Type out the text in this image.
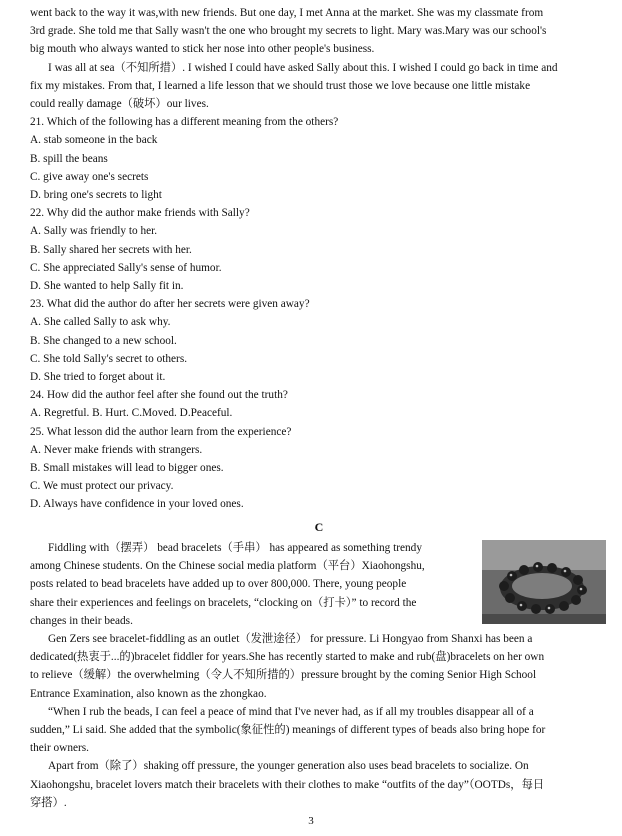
went back to the way it was,with new friends. But one day, I met Anna at the market. She was my classmate from
3rd grade. She told me that Sally wasn't the one who brought my secrets to light. Mary was.Mary was our school's
big mouth who always wanted to stick her nose into other people's business.
I was all at sea（不知所措）. I wished I could have asked Sally about this. I wished I could go back in time and
fix my mistakes. From that, I learned a life lesson that we should trust those we love because one little mistake
could really damage（破坏）our lives.
21. Which of the following has a different meaning from the others?
A. stab someone in the back
B. spill the beans
C. give away one's secrets
D. bring one's secrets to light
22. Why did the author make friends with Sally?
A. Sally was friendly to her.
B. Sally shared her secrets with her.
C. She appreciated Sally's sense of humor.
D. She wanted to help Sally fit in.
23. What did the author do after her secrets were given away?
A. She called Sally to ask why.
B. She changed to a new school.
C. She told Sally's secret to others.
D. She tried to forget about it.
24. How did the author feel after she found out the truth?
A. Regretful. B. Hurt. C.Moved. D.Peaceful.
25. What lesson did the author learn from the experience?
A. Never make friends with strangers.
B. Small mistakes will lead to bigger ones.
C. We must protect our privacy.
D. Always have confidence in your loved ones.
C
Fiddling with（摆弄） bead bracelets（手串） has appeared as something trendy
among Chinese students. On the Chinese social media platform（平台）Xiaohongshu,
posts related to bead bracelets have added up to over 800,000. There, young people
share their experiences and feelings on bracelets, “clocking on（打卡）” to record the
changes in their beads.
Gen Zers see bracelet-fiddling as an outlet（发泄途径） for pressure. Li Hongyao from Shanxi has been a
dedicated(热衷于...的)bracelet fiddler for years.She has recently started to make and rub(盘)bracelets on her own
to relieve（缓解）the overwhelming（令人不知所措的）pressure brought by the coming Senior High School
Entrance Examination, also known as the zhongkao.
“When I rub the beads, I can feel a peace of mind that I've never had, as if all my troubles disappear all of a
sudden,” Li said. She added that the symbolic(象征性的) meanings of different types of beads also bring hope for
their owners.
Apart from（除了）shaking off pressure, the younger generation also uses bead bracelets to socialize. On
Xiaohongshu, bracelet lovers match their bracelets with their clothes to make “outfits of the day”（OOTDs，每日
穿搭）.
3
